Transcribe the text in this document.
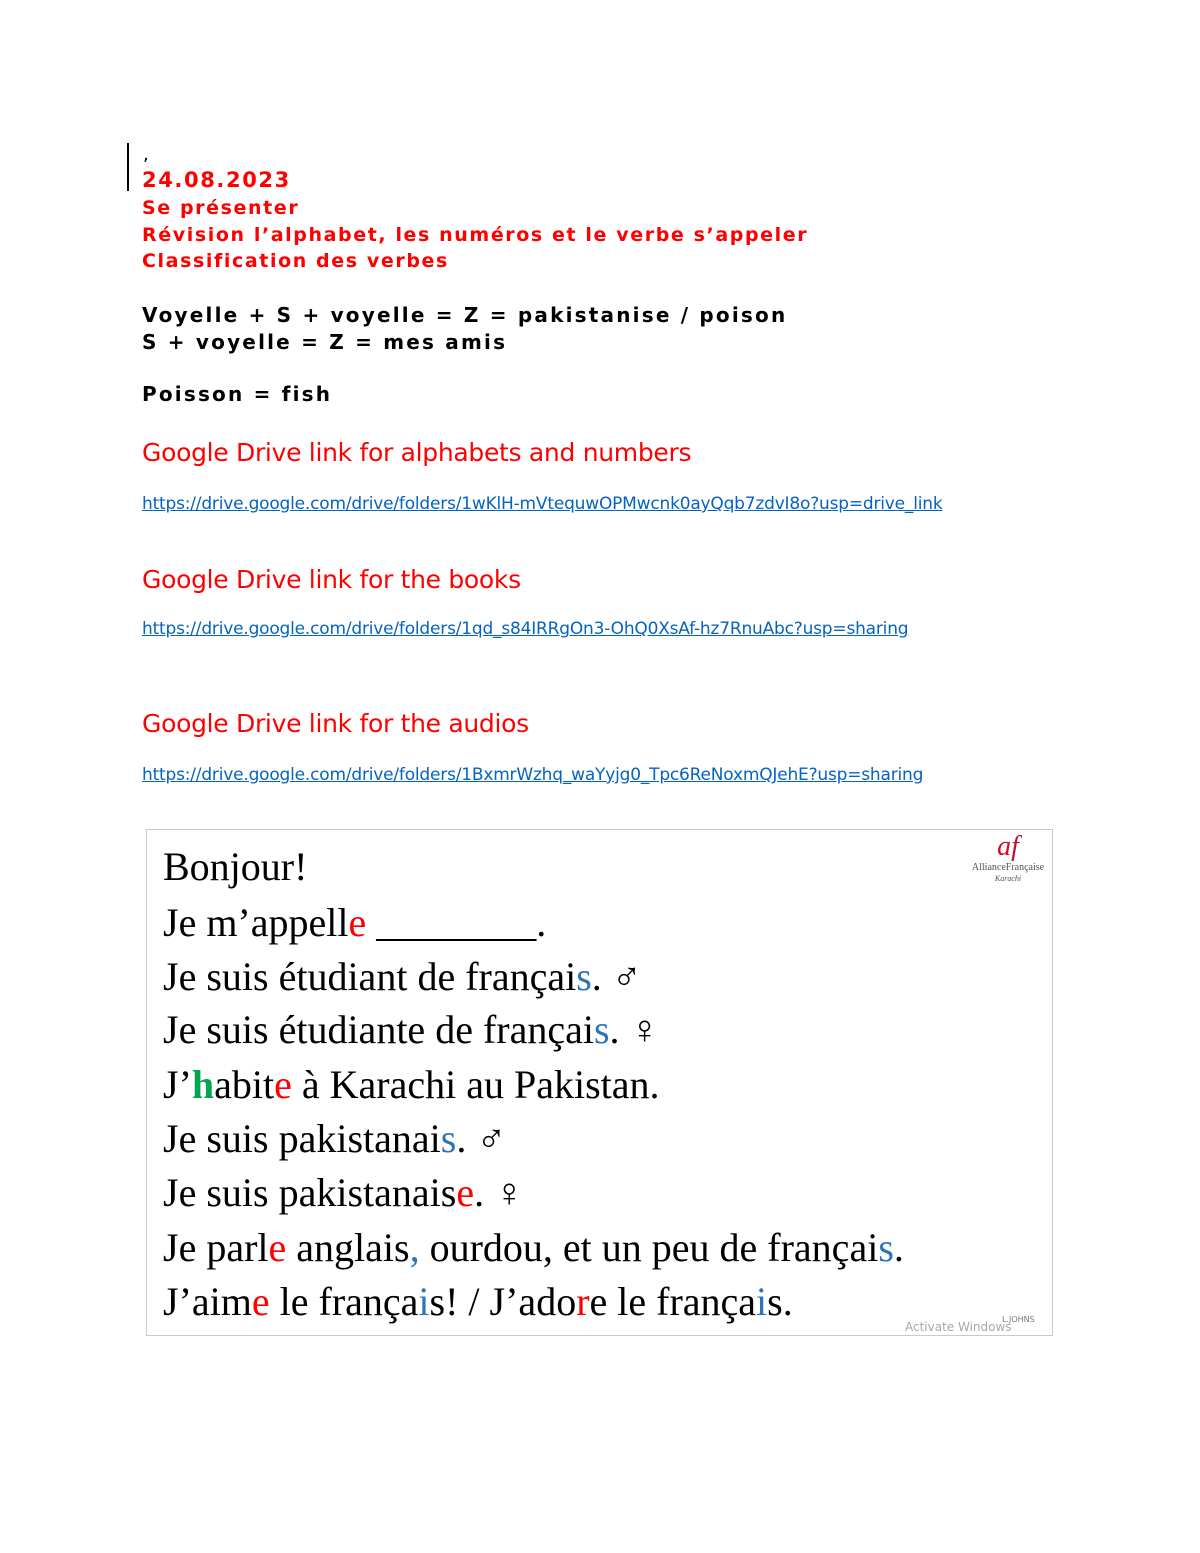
,
24.08.2023
Se présenter
Révision l’alphabet, les numéros et le verbe s’appeler
Classification des verbes
Voyelle + S + voyelle = Z = pakistanise / poison
S + voyelle = Z = mes amis
Poisson = fish
Google Drive link for alphabets and numbers
https://drive.google.com/drive/folders/1wKlH-mVtequwOPMwcnk0ayQqb7zdvI8o?usp=drive_link
Google Drive link for the books
https://drive.google.com/drive/folders/1qd_s84IRRgOn3-OhQ0XsAf-hz7RnuAbc?usp=sharing
Google Drive link for the audios
https://drive.google.com/drive/folders/1BxmrWzhq_waYyjg0_Tpc6ReNoxmQJehE?usp=sharing
af
AllianceFrançaise
Karachi
Bonjour!
Je m’appelle ________.
Je suis étudiant de français. ♂
Je suis étudiante de français. ♀
J’habite à Karachi au Pakistan.
Je suis pakistanais. ♂
Je suis pakistanaise. ♀
Je parle anglais, ourdou, et un peu de français.
J’aime le français! / J’adore le français.
Activate Windows
L.JOHNS
